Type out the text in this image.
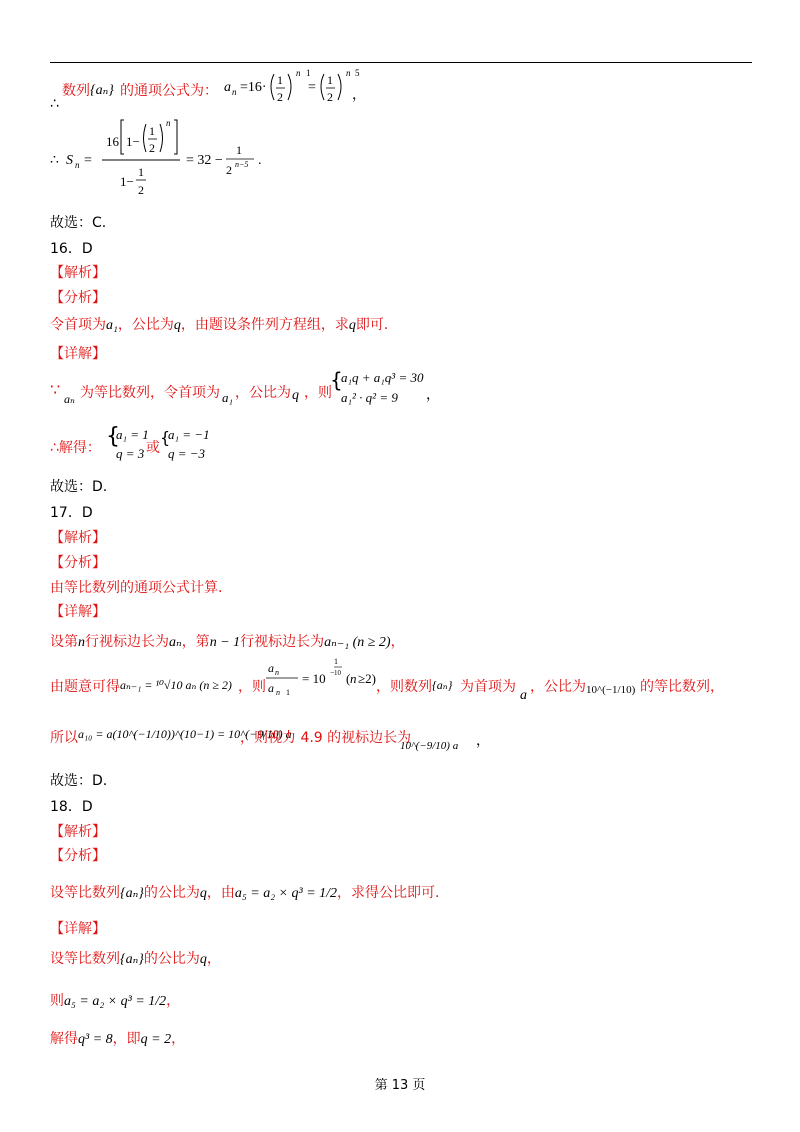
数列
∴
{aₙ} 的通项公式为： a n =16· 1
2
n 1
= 1
2
n 5
，
∴ S n =
16 1−
1
2
n
1−
1
2
= 32 −
1
2 n−5 .
故选：C.
16．D
【解析】
【分析】
令首项为a₁，公比为q，由题设条件列方程组，求q即可.
【详解】
∵ aₙ 为等比数列，令首项为 a₁ ，公比为 q ，则
{
a₁q + a₁q³ = 30
a₁² · q² = 9 ，
∴解得： {
a₁ = 1
q = 3 或
{
a₁ = −1
q = −3
故选：D.
17．D
【解析】
【分析】
由等比数列的通项公式计算.
【详解】
设第n行视标边长为aₙ，第n − 1行视标边长为aₙ₋₁ (n ≥ 2)，
由题意可得 aₙ₋₁ = ¹⁰√10 aₙ (n ≥ 2) ，则
a n
a n 1
= 10
1
− 10 ( n ≥2)
，则数列 {aₙ} 为首项为
a
，公比为 10^(−1/10) 的等比数列，
所以 a₁₀ = a(10^(−1/10))^(10−1) = 10^(−9/10) a
，则视力 4.9 的视标边长为
10^(−9/10) a ，
故选：D.
18．D
【解析】
【分析】
设等比数列{aₙ}的公比为q，由a₅ = a₂ × q³ = 1/2，求得公比即可.
【详解】
设等比数列{aₙ}的公比为q，
则a₅ = a₂ × q³ = 1/2，
解得q³ = 8，即q = 2，
第 13 页
